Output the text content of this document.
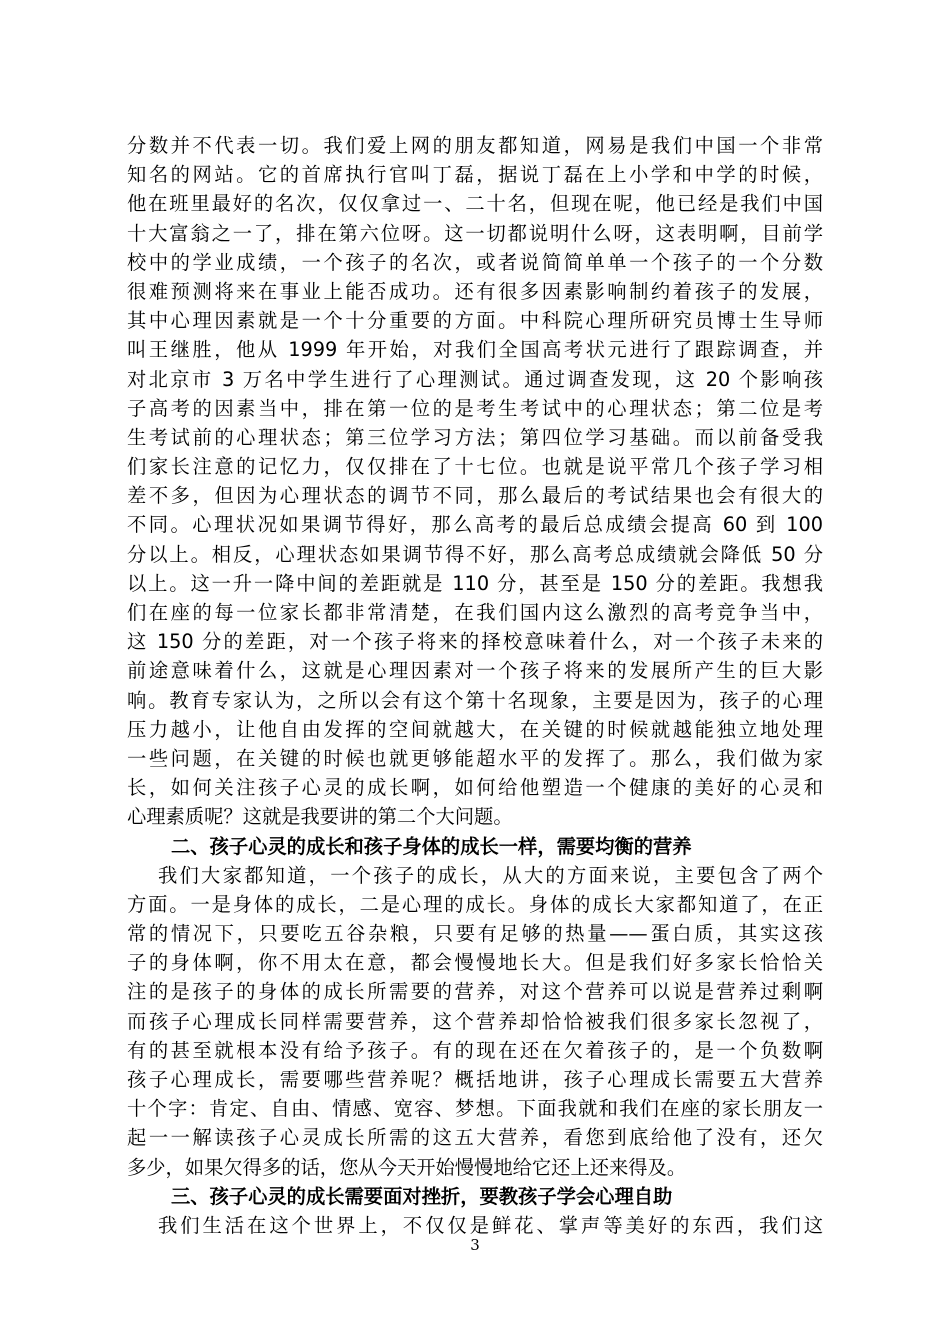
分数并不代表一切。我们爱上网的朋友都知道，网易是我们中国一个非常
知名的网站。它的首席执行官叫丁磊，据说丁磊在上小学和中学的时候，
他在班里最好的名次，仅仅拿过一、二十名，但现在呢，他已经是我们中国
十大富翁之一了，排在第六位呀。这一切都说明什么呀，这表明啊，目前学
校中的学业成绩，一个孩子的名次，或者说简简单单一个孩子的一个分数
很难预测将来在事业上能否成功。还有很多因素影响制约着孩子的发展，
其中心理因素就是一个十分重要的方面。中科院心理所研究员博士生导师
叫王继胜，他从 1999 年开始，对我们全国高考状元进行了跟踪调查，并
对北京市 3 万名中学生进行了心理测试。通过调查发现，这 20 个影响孩
子高考的因素当中，排在第一位的是考生考试中的心理状态；第二位是考
生考试前的心理状态；第三位学习方法；第四位学习基础。而以前备受我
们家长注意的记忆力，仅仅排在了十七位。也就是说平常几个孩子学习相
差不多，但因为心理状态的调节不同，那么最后的考试结果也会有很大的
不同。心理状况如果调节得好，那么高考的最后总成绩会提高 60 到 100
分以上。相反，心理状态如果调节得不好，那么高考总成绩就会降低 50 分
以上。这一升一降中间的差距就是 110 分，甚至是 150 分的差距。我想我
们在座的每一位家长都非常清楚，在我们国内这么激烈的高考竞争当中，
这 150 分的差距，对一个孩子将来的择校意味着什么，对一个孩子未来的
前途意味着什么，这就是心理因素对一个孩子将来的发展所产生的巨大影
响。教育专家认为，之所以会有这个第十名现象，主要是因为，孩子的心理
压力越小，让他自由发挥的空间就越大，在关键的时候就越能独立地处理
一些问题，在关键的时候也就更够能超水平的发挥了。那么，我们做为家
长，如何关注孩子心灵的成长啊，如何给他塑造一个健康的美好的心灵和
心理素质呢？这就是我要讲的第二个大问题。
二、孩子心灵的成长和孩子身体的成长一样，需要均衡的营养
我们大家都知道，一个孩子的成长，从大的方面来说，主要包含了两个
方面。一是身体的成长，二是心理的成长。身体的成长大家都知道了，在正
常的情况下，只要吃五谷杂粮，只要有足够的热量——蛋白质，其实这孩
子的身体啊，你不用太在意，都会慢慢地长大。但是我们好多家长恰恰关
注的是孩子的身体的成长所需要的营养，对这个营养可以说是营养过剩啊
而孩子心理成长同样需要营养，这个营养却恰恰被我们很多家长忽视了，
有的甚至就根本没有给予孩子。有的现在还在欠着孩子的，是一个负数啊
孩子心理成长，需要哪些营养呢？概括地讲，孩子心理成长需要五大营养
十个字：肯定、自由、情感、宽容、梦想。下面我就和我们在座的家长朋友一
起一一解读孩子心灵成长所需的这五大营养，看您到底给他了没有，还欠
多少，如果欠得多的话，您从今天开始慢慢地给它还上还来得及。
三、孩子心灵的成长需要面对挫折，要教孩子学会心理自助
我们生活在这个世界上，不仅仅是鲜花、掌声等美好的东西，我们这
3
